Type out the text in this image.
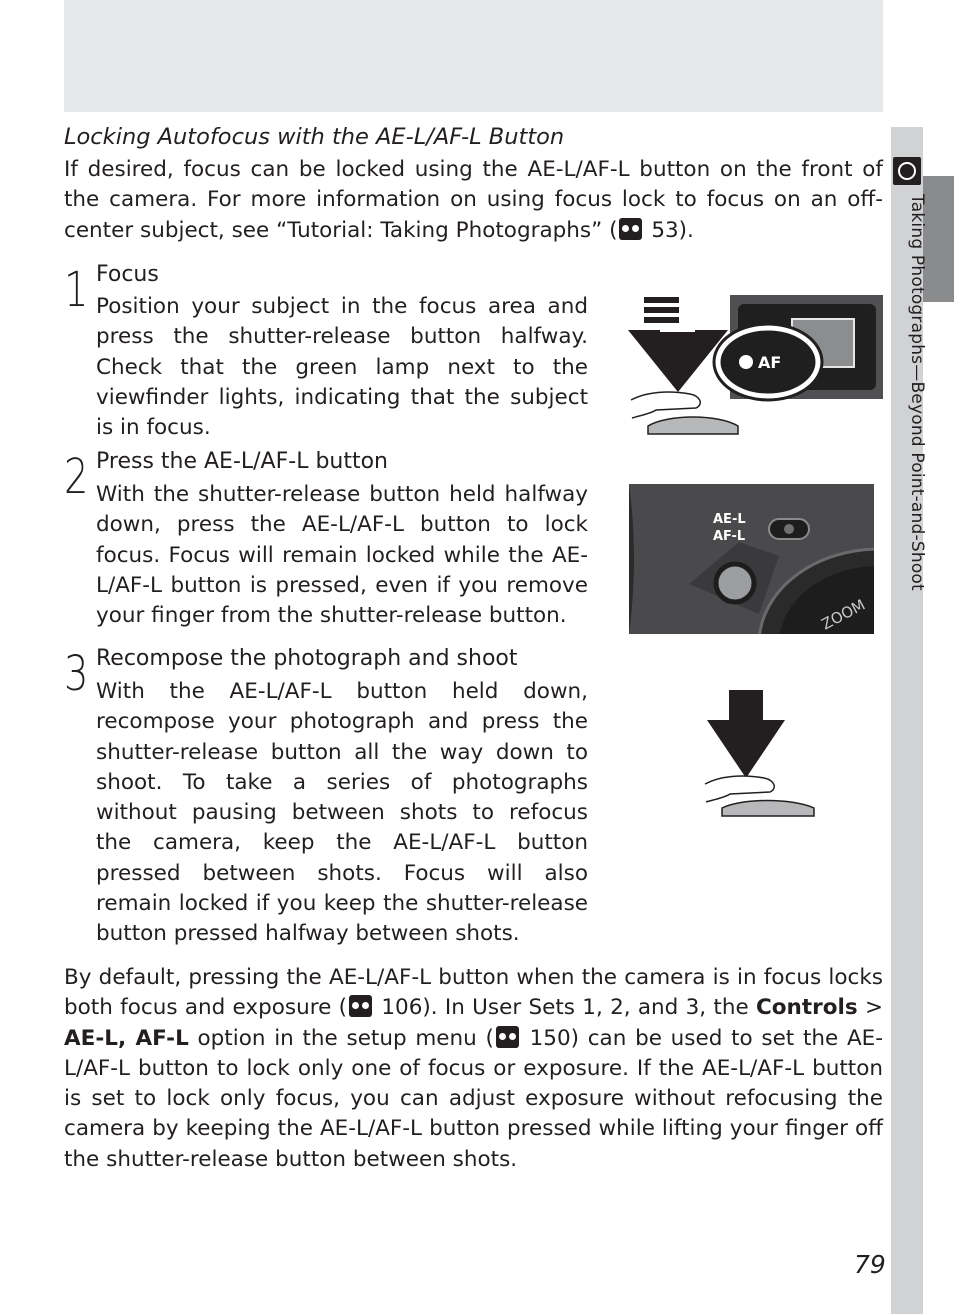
Taking Photographs—Beyond Point-and-Shoot
Locking Autofocus with the AE-L/AF-L Button

If desired, focus can be locked using the AE-L/AF-L button on the front of the camera. For more information on using focus lock to focus on an off-center subject, see “Tutorial: Taking Photographs” ( 53).

1 Focus

Position your subject in the focus area and press the shutter-release button halfway. Check that the green lamp next to the viewfinder lights, indicating that the subject is in focus.

2 Press the AE-L/AF-L button

With the shutter-release button held halfway down, press the AE-L/AF-L button to lock focus. Focus will remain locked while the AE-L/AF-L button is pressed, even if you remove your finger from the shutter-release button.

3 Recompose the photograph and shoot

With the AE-L/AF-L button held down, recompose your photograph and press the shutter-release button all the way down to shoot. To take a series of photographs without pausing between shots to refocus the camera, keep the AE-L/AF-L button pressed between shots. Focus will also remain locked if you keep the shutter-release button pressed halfway between shots.

By default, pressing the AE-L/AF-L button when the camera is in focus locks both focus and exposure ( 106). In User Sets 1, 2, and 3, the Controls > AE-L, AF-L option in the setup menu ( 150) can be used to set the AE-L/AF-L button to lock only one of focus or exposure. If the AE-L/AF-L button is set to lock only focus, you can adjust exposure without refocusing the camera by keeping the AE-L/AF-L button pressed while lifting your finger off the shutter-release button between shots.

79
AF
AE-L
AF-L
ZOOM
